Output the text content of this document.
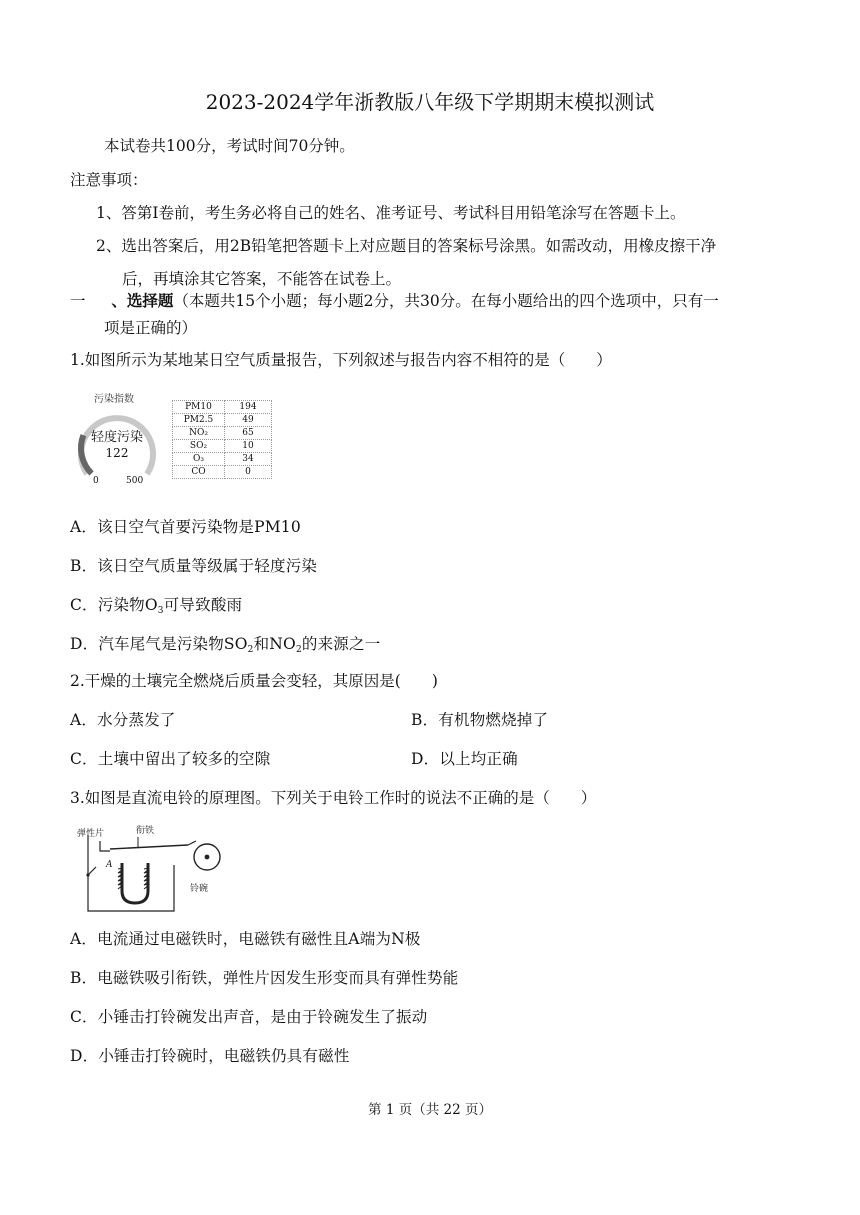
2023-2024学年浙教版八年级下学期期末模拟测试
本试卷共100分，考试时间70分钟。
注意事项：
1、答第I卷前，考生务必将自己的姓名、准考证号、考试科目用铅笔涂写在答题卡上。
2、选出答案后，用2B铅笔把答题卡上对应题目的答案标号涂黑。如需改动，用橡皮擦干净
后，再填涂其它答案，不能答在试卷上。
一 、选择题（本题共15个小题；每小题2分，共30分。在每小题给出的四个选项中，只有一
项是正确的）
1.如图所示为某地某日空气质量报告，下列叙述与报告内容不相符的是（　　）
污染指数
轻度污染
122
0	500
PM10	194
PM2.5	49
NO₂	65
SO₂	10
O₃	34
CO	0
A．该日空气首要污染物是PM10
B．该日空气质量等级属于轻度污染
C．污染物$O_3$可导致酸雨
D．汽车尾气是污染物$SO_2$和$NO_2$的来源之一
2.干燥的土壤完全燃烧后质量会变轻，其原因是(　　)
A．水分蒸发了	B．有机物燃烧掉了
C．土壤中留出了较多的空隙	D．以上均正确
3.如图是直流电铃的原理图。下列关于电铃工作时的说法不正确的是（　　）
弹性片	衔铁
A
铃碗
A．电流通过电磁铁时，电磁铁有磁性且A端为N极
B．电磁铁吸引衔铁，弹性片因发生形变而具有弹性势能
C．小锤击打铃碗发出声音，是由于铃碗发生了振动
D．小锤击打铃碗时，电磁铁仍具有磁性
第 1 页（共 22 页）
